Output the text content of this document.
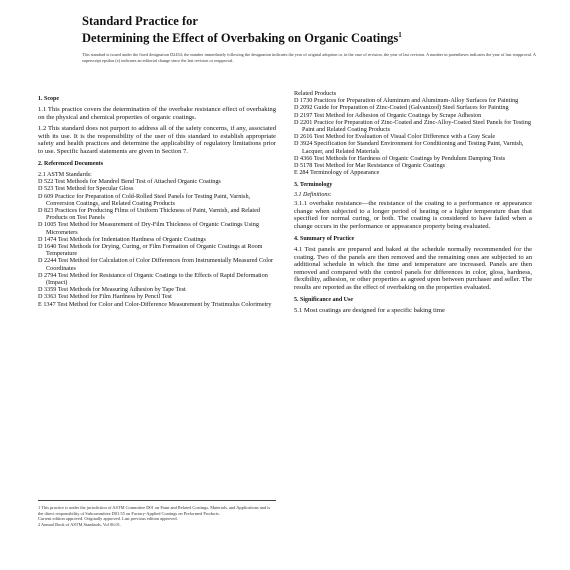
Standard Practice for

Determining the Effect of Overbaking on Organic Coatings$^1$

This standard is issued under the fixed designation D2454; the number immediately following the designation indicates the year of original adoption or, in the case of revision, the year of last revision. A number in parentheses indicates the year of last reapproval. A superscript epsilon (ε) indicates an editorial change since the last revision or reapproval.
1. Scope

1.1 This practice covers the determination of the overbake resistance effect of overbaking on the physical and chemical properties of organic coatings.

1.2 This standard does not purport to address all of the safety concerns, if any, associated with its use. It is the responsibility of the user of this standard to establish appropriate safety and health practices and determine the applicability of regulatory limitations prior to use. Specific hazard statements are given in Section 7.

2. Referenced Documents

2.1 ASTM Standards:

D 522 Test Methods for Mandrel Bend Test of Attached Organic Coatings

D 523 Test Method for Specular Gloss

D 609 Practice for Preparation of Cold-Rolled Steel Panels for Testing Paint, Varnish, Conversion Coatings, and Related Coating Products

D 823 Practices for Producing Films of Uniform Thickness of Paint, Varnish, and Related Products on Test Panels

D 1005 Test Method for Measurement of Dry-Film Thickness of Organic Coatings Using Micrometers

D 1474 Test Methods for Indentation Hardness of Organic Coatings

D 1640 Test Methods for Drying, Curing, or Film Formation of Organic Coatings at Room Temperature

D 2244 Test Method for Calculation of Color Differences from Instrumentally Measured Color Coordinates

D 2794 Test Method for Resistance of Organic Coatings to the Effects of Rapid Deformation (Impact)

D 3359 Test Methods for Measuring Adhesion by Tape Test

D 3363 Test Method for Film Hardness by Pencil Test

E 1347 Test Method for Color and Color-Difference Measurement by Tristimulus Colorimetry

Related Products

D 1730 Practices for Preparation of Aluminum and Aluminum-Alloy Surfaces for Painting

D 2092 Guide for Preparation of Zinc-Coated (Galvanized) Steel Surfaces for Painting

D 2197 Test Method for Adhesion of Organic Coatings by Scrape Adhesion

D 2201 Practice for Preparation of Zinc-Coated and Zinc-Alloy-Coated Steel Panels for Testing Paint and Related Coating Products

D 2616 Test Method for Evaluation of Visual Color Difference with a Gray Scale

D 3924 Specification for Standard Environment for Conditioning and Testing Paint, Varnish, Lacquer, and Related Materials

D 4366 Test Methods for Hardness of Organic Coatings by Pendulum Damping Tests

D 5178 Test Method for Mar Resistance of Organic Coatings

E 284 Terminology of Appearance

3. Terminology
3.1 Definitions:

3.1.1 overbake resistance—the resistance of the coating to a performance or appearance change when subjected to a longer period of heating or a higher temperature than that specified for normal curing, or both. The coating is considered to have failed when a change occurs in the performance or appearance property being evaluated.

4. Summary of Practice

4.1 Test panels are prepared and baked at the schedule normally recommended for the coating. Two of the panels are then removed and the remaining ones are subjected to an additional schedule in which the time and temperature are increased. Panels are then removed and compared with the control panels for differences in color, gloss, hardness, flexibility, adhesion, or other properties as agreed upon between purchaser and seller. The results are reported as the effect of overbaking on the properties evaluated.

5. Significance and Use

5.1 Most coatings are designed for a specific baking time

1 This practice is under the jurisdiction of ASTM Committee D01 on Paint and Related Coatings, Materials, and Applications and is the direct responsibility of Subcommittee D01.55 on Factory-Applied Coatings on Preformed Products.

Current edition approved. Originally approved. Last previous edition approved.

2 Annual Book of ASTM Standards, Vol 06.01.
